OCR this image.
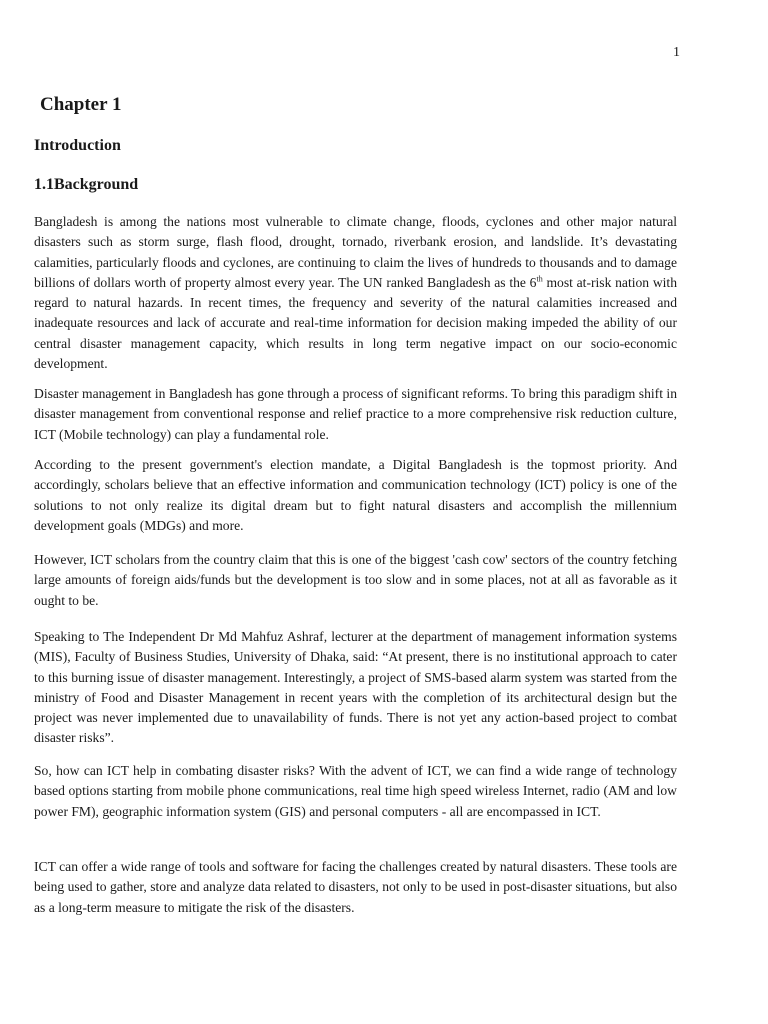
1
Chapter 1
Introduction
1.1Background

Bangladesh is among the nations most vulnerable to climate change, floods, cyclones and other major natural disasters such as storm surge, flash flood, drought, tornado, riverbank erosion, and landslide. It’s devastating calamities, particularly floods and cyclones, are continuing to claim the lives of hundreds to thousands and to damage billions of dollars worth of property almost every year. The UN ranked Bangladesh as the 6th most at-risk nation with regard to natural hazards. In recent times, the frequency and severity of the natural calamities increased and inadequate resources and lack of accurate and real-time information for decision making impeded the ability of our central disaster management capacity, which results in long term negative impact on our socio-economic development.

Disaster management in Bangladesh has gone through a process of significant reforms. To bring this paradigm shift in disaster management from conventional response and relief practice to a more comprehensive risk reduction culture, ICT (Mobile technology) can play a fundamental role.

According to the present government's election mandate, a Digital Bangladesh is the topmost priority. And accordingly, scholars believe that an effective information and communication technology (ICT) policy is one of the solutions to not only realize its digital dream but to fight natural disasters and accomplish the millennium development goals (MDGs) and more.

However, ICT scholars from the country claim that this is one of the biggest 'cash cow' sectors of the country fetching large amounts of foreign aids/funds but the development is too slow and in some places, not at all as favorable as it ought to be.

Speaking to The Independent Dr Md Mahfuz Ashraf, lecturer at the department of management information systems (MIS), Faculty of Business Studies, University of Dhaka, said: “At present, there is no institutional approach to cater to this burning issue of disaster management. Interestingly, a project of SMS-based alarm system was started from the ministry of Food and Disaster Management in recent years with the completion of its architectural design but the project was never implemented due to unavailability of funds. There is not yet any action-based project to combat disaster risks”.

So, how can ICT help in combating disaster risks? With the advent of ICT, we can find a wide range of technology based options starting from mobile phone communications, real time high speed wireless Internet, radio (AM and low power FM), geographic information system (GIS) and personal computers - all are encompassed in ICT.

ICT can offer a wide range of tools and software for facing the challenges created by natural disasters. These tools are being used to gather, store and analyze data related to disasters, not only to be used in post-disaster situations, but also as a long-term measure to mitigate the risk of the disasters.
